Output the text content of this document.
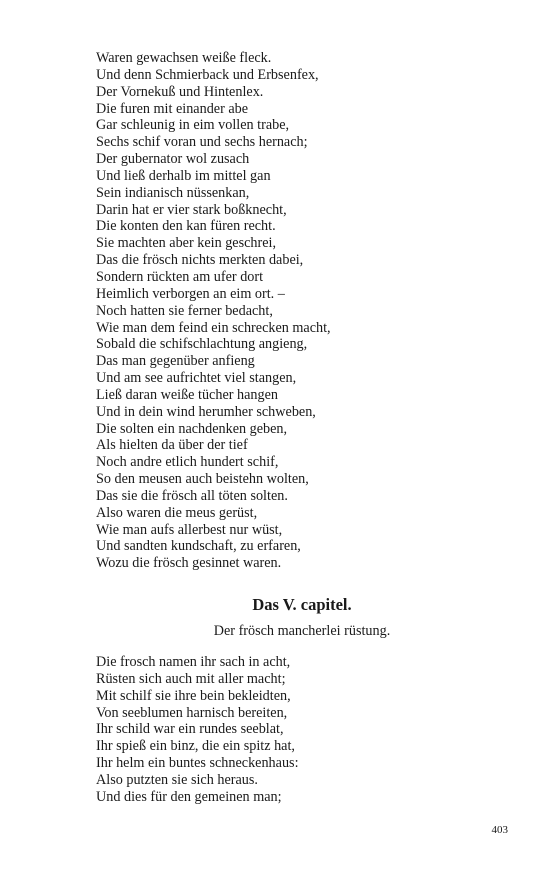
Waren gewachsen weiße fleck.
Und denn Schmierback und Erbsenfex,
Der Vornekuß und Hintenlex.
Die furen mit einander abe
Gar schleunig in eim vollen trabe,
Sechs schif voran und sechs hernach;
Der gubernator wol zusach
Und ließ derhalb im mittel gan
Sein indianisch nüssenkan,
Darin hat er vier stark boßknecht,
Die konten den kan füren recht.
Sie machten aber kein geschrei,
Das die frösch nichts merkten dabei,
Sondern rückten am ufer dort
Heimlich verborgen an eim ort. –
Noch hatten sie ferner bedacht,
Wie man dem feind ein schrecken macht,
Sobald die schifschlachtung angieng,
Das man gegenüber anfieng
Und am see aufrichtet viel stangen,
Ließ daran weiße tücher hangen
Und in dein wind herumher schweben,
Die solten ein nachdenken geben,
Als hielten da über der tief
Noch andre etlich hundert schif,
So den meusen auch beistehn wolten,
Das sie die frösch all töten solten.
Also waren die meus gerüst,
Wie man aufs allerbest nur wüst,
Und sandten kundschaft, zu erfaren,
Wozu die frösch gesinnet waren.
Das V. capitel.
Der frösch mancherlei rüstung.
Die frosch namen ihr sach in acht,
Rüsten sich auch mit aller macht;
Mit schilf sie ihre bein bekleidten,
Von seeblumen harnisch bereiten,
Ihr schild war ein rundes seeblat,
Ihr spieß ein binz, die ein spitz hat,
Ihr helm ein buntes schneckenhaus:
Also putzten sie sich heraus.
Und dies für den gemeinen man;
403
